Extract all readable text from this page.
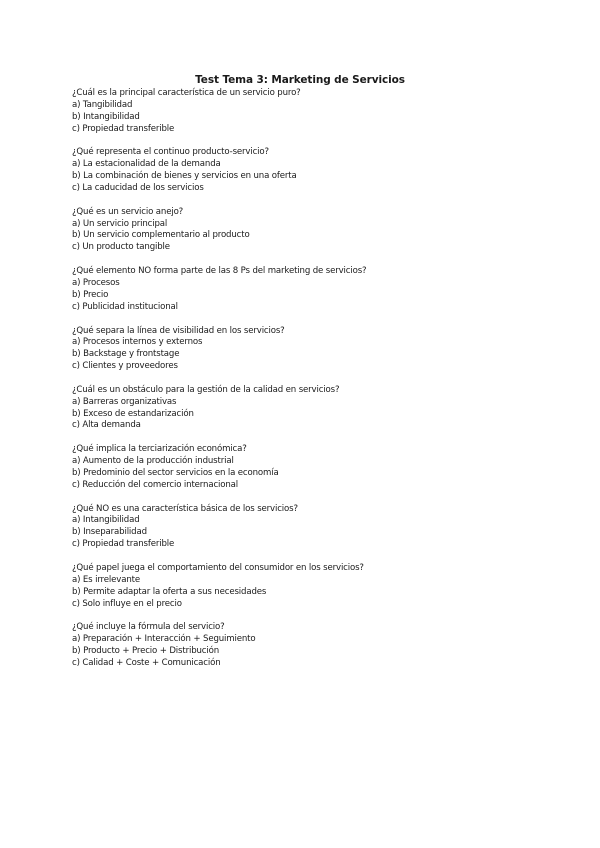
Test Tema 3: Marketing de Servicios
¿Cuál es la principal característica de un servicio puro?
a) Tangibilidad
b) Intangibilidad
c) Propiedad transferible
¿Qué representa el continuo producto-servicio?
a) La estacionalidad de la demanda
b) La combinación de bienes y servicios en una oferta
c) La caducidad de los servicios
¿Qué es un servicio anejo?
a) Un servicio principal
b) Un servicio complementario al producto
c) Un producto tangible
¿Qué elemento NO forma parte de las 8 Ps del marketing de servicios?
a) Procesos
b) Precio
c) Publicidad institucional
¿Qué separa la línea de visibilidad en los servicios?
a) Procesos internos y externos
b) Backstage y frontstage
c) Clientes y proveedores
¿Cuál es un obstáculo para la gestión de la calidad en servicios?
a) Barreras organizativas
b) Exceso de estandarización
c) Alta demanda
¿Qué implica la terciarización económica?
a) Aumento de la producción industrial
b) Predominio del sector servicios en la economía
c) Reducción del comercio internacional
¿Qué NO es una característica básica de los servicios?
a) Intangibilidad
b) Inseparabilidad
c) Propiedad transferible
¿Qué papel juega el comportamiento del consumidor en los servicios?
a) Es irrelevante
b) Permite adaptar la oferta a sus necesidades
c) Solo influye en el precio
¿Qué incluye la fórmula del servicio?
a) Preparación + Interacción + Seguimiento
b) Producto + Precio + Distribución
c) Calidad + Coste + Comunicación
